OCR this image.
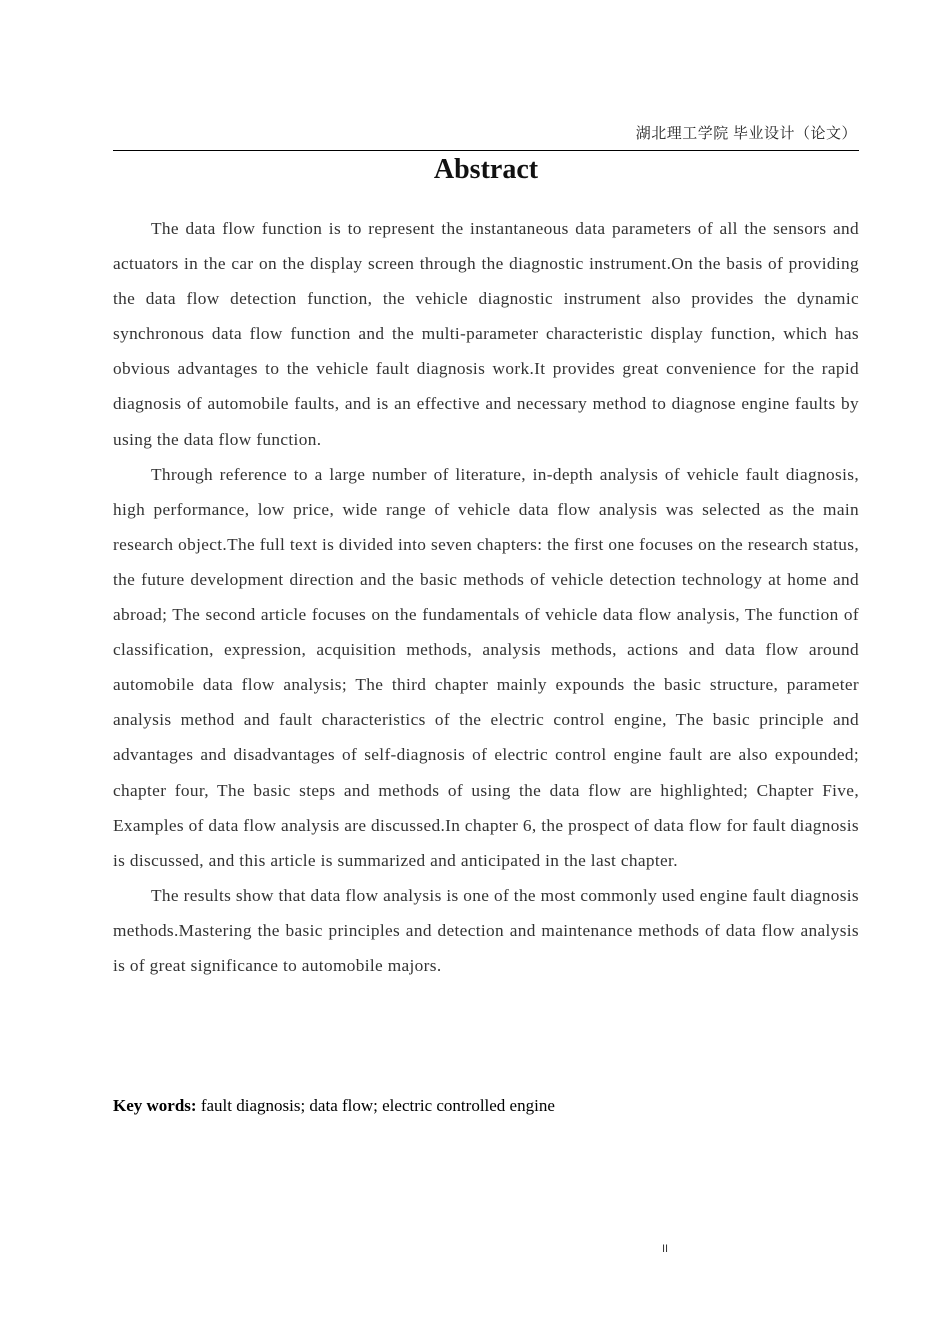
湖北理工学院 毕业设计（论文）
Abstract

The data flow function is to represent the instantaneous data parameters of all the sensors and actuators in the car on the display screen through the diagnostic instrument.On the basis of providing the data flow detection function, the vehicle diagnostic instrument also provides the dynamic synchronous data flow function and the multi-parameter characteristic display function, which has obvious advantages to the vehicle fault diagnosis work.It provides great convenience for the rapid diagnosis of automobile faults, and is an effective and necessary method to diagnose engine faults by using the data flow function.

Through reference to a large number of literature, in-depth analysis of vehicle fault diagnosis, high performance, low price, wide range of vehicle data flow analysis was selected as the main research object.The full text is divided into seven chapters: the first one focuses on the research status, the future development direction and the basic methods of vehicle detection technology at home and abroad; The second article focuses on the fundamentals of vehicle data flow analysis, The function of classification, expression, acquisition methods, analysis methods, actions and data flow around automobile data flow analysis; The third chapter mainly expounds the basic structure, parameter analysis method and fault characteristics of the electric control engine, The basic principle and advantages and disadvantages of self-diagnosis of electric control engine fault are also expounded; chapter four, The basic steps and methods of using the data flow are highlighted; Chapter Five, Examples of data flow analysis are discussed.In chapter 6, the prospect of data flow for fault diagnosis is discussed, and this article is summarized and anticipated in the last chapter.

The results show that data flow analysis is one of the most commonly used engine fault diagnosis methods.Mastering the basic principles and detection and maintenance methods of data flow analysis is of great significance to automobile majors.

Key words: fault diagnosis; data flow; electric controlled engine
II
